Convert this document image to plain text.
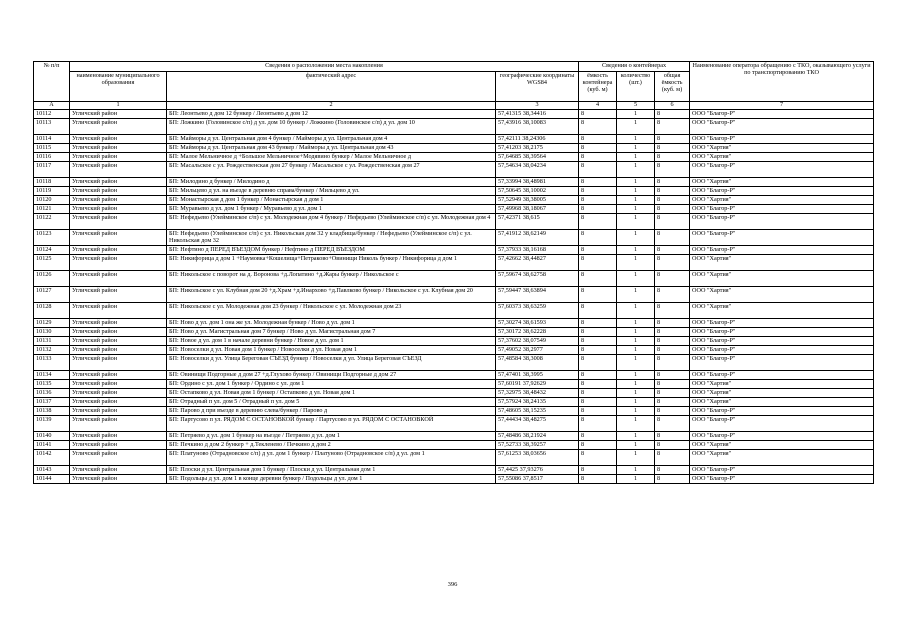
№ п/п	Сведения о расположении места накопления			Сведения о контейнерах			Наименование оператора обращению с ТКО, оказывающего услуги по транспортированию ТКО
	наименование муниципального образования	фактический адрес	географические координаты WGS84	ёмкость контейнера (куб. м)	количество (шт.)	общая ёмкость (куб. м)	
А	1	2	3	4	5	6	7
10112	Угличский район	БП: Леонтьево д дом 12 бункер / Леонтьево д дом 12	57,41315 38,34416	8	1	8	ООО "Благор-Р"
10113	Угличский район	БП: Ложкино (Головинское с/п) д ул. дом 10 бункер / Ложкино (Головинское с/п) д ул. дом 10	57,43916 38,10083	8	1	8	ООО "Благор-Р"
10114	Угличский район	БП: Майморы д ул. Центральная дом 4 бункер / Майморы д ул. Центральная дом 4	57,42111 38,24306	8	1	8	ООО "Благор-Р"
10115	Угличский район	БП: Майморы д ул. Центральная дом 43 бункер / Майморы д ул. Центральная дом 43	57,41203 38,2175	8	1	8	ООО "Хартия"
10116	Угличский район	БП: Малое Мельничное д +Большое Мельничное+Модявино бункер / Малое Мельничное д	57,64685 38,39564	8	1	8	ООО "Хартия"
10117	Угличский район	БП: Масальское с ул. Рождественская дом 27 бункер / Масальское с ул. Рождественская дом 27	57,54634 38,04234	8	1	8	ООО "Благор-Р"
10118	Угличский район	БП: Милодино д бункер / Милодино д	57,33994 38,48981	8	1	8	ООО "Хартия"
10119	Угличский район	БП: Мильцево д ул. на въезде в деревню справа/бункер / Мильцево д ул.	57,50645 38,10002	8	1	8	ООО "Благор-Р"
10120	Угличский район	БП: Монастырская д дом 1 бункер / Монастырская д дом 1	57,52949 38,38005	8	1	8	ООО "Хартия"
10121	Угличский район	БП: Муравьево д ул. дом 1 бункер / Муравьево д ул. дом 1	57,49968 38,18067	8	1	8	ООО "Благор-Р"
10122	Угличский район	БП: Нефедьево (Улейминское с/п) с ул. Молодежная дом 4 бункер / Нефедьево (Улейминское с/п) с ул. Молодежная дом 4	57,42371 38,615	8	1	8	ООО "Благор-Р"
10123	Угличский район	БП: Нефедьево (Улейминское с/п) с ул. Никольская дом 32 у кладбища/бункер / Нефедьево (Улейминское с/п) с ул. Никольская дом 32	57,41912 38,62149	8	1	8	ООО "Благор-Р"
10124	Угличский район	БП: Нефтино д ПЕРЕД ВЪЕЗДОМ бункер / Нефтино д ПЕРЕД ВЪЕЗДОМ	57,37933 38,16168	8	1	8	ООО "Благор-Р"
10125	Угличский район	БП: Никифорица д дом 1 +Наумовка+Кошелища+Петраково+Овинищи Николь бункер / Никифорица д дом 1	57,42662 38,44827	8	1	8	ООО "Хартия"
10126	Угличский район	БП: Никольское с поворот на д. Воронова +д.Лопатино +д.Жары бункер / Никольское с	57,59674 38,62758	8	1	8	ООО "Хартия"
10127	Угличский район	БП: Никольское с ул. Клубная дом 20 +д.Храм +д.Инархово +д.Павлково бункер / Никольское с ул. Клубная дом 20	57,59447 38,63894	8	1	8	ООО "Хартия"
10128	Угличский район	БП: Никольское с ул. Молодежная дом 23 бункер / Никольское с ул. Молодежная дом 23	57,60373 38,63259	8	1	8	ООО "Хартия"
10129	Угличский район	БП: Ново д ул. дом 1 она же ул. Молодежная бункер / Ново д ул. дом 1	57,30274 38,61593	8	1	8	ООО "Благор-Р"
10130	Угличский район	БП: Ново д ул. Магистральная дом 7 бункер / Ново д ул. Магистральная дом 7	57,30172 38,62228	8	1	8	ООО "Благор-Р"
10131	Угличский район	БП: Новое д ул. дом 1 в начале деревни бункер / Новое д ул. дом 1	57,37602 38,07549	8	1	8	ООО "Благор-Р"
10132	Угличский район	БП: Новоселки д ул. Новая дом 1 бункер / Новоселки д ул. Новая дом 1	57,49052 38,2977	8	1	8	ООО "Благор-Р"
10133	Угличский район	БП: Новоселки д ул. Улица Береговая СЪЕЗД бункер / Новоселки д ул. Улица Береговая СЪЕЗД	57,48584 38,3008	8	1	8	ООО "Благор-Р"
10134	Угличский район	БП: Овинищи Подгорные д дом 27 +д.Глухово бункер / Овинищи Подгорные д дом 27	57,47401 38,3995	8	1	8	ООО "Благор-Р"
10135	Угличский район	БП: Ордино с ул. дом 1 бункер / Ордино с ул. дом 1	57,60191 37,92629	8	1	8	ООО "Хартия"
10136	Угличский район	БП: Остапково д ул. Новая дом 1 бункер / Остапково д ул. Новая дом 1	57,32975 38,48432	8	1	8	ООО "Хартия"
10137	Угличский район	БП: Отрадный п ул. дом 5 / Отрадный п ул. дом 5	57,57924 38,24135	8	1	8	ООО "Хартия"
10138	Угличский район	БП: Парово д при въезде в деревню слева/бункер / Парово д	57,48605 38,15235	8	1	8	ООО "Благор-Р"
10139	Угличский район	БП: Партусово п ул. РЯДОМ С ОСТАНОВКОЙ бункер / Партусово п ул. РЯДОМ С ОСТАНОВКОЙ	57,44434 38,48275	8	1	8	ООО "Благор-Р"
10140	Угличский район	БП: Петряево д ул. дом 1 бункер на въезде / Петряево д ул. дом 1	57,48486 38,21924	8	1	8	ООО "Благор-Р"
10141	Угличский район	БП: Печкино д дом 2 бункер + д.Текленево / Печкино д дом 2	57,52733 38,39257	8	1	8	ООО "Хартия"
10142	Угличский район	БП: Платуново (Отрадновское с/п) д ул. дом 1 бункер / Платуново (Отрадновское с/п) д ул. дом 1	57,61253 38,03656	8	1	8	ООО "Хартия"
10143	Угличский район	БП: Плоски д ул. Центральная дом 1 бункер / Плоски д ул. Центральная дом 1	57,4425 37,93276	8	1	8	ООО "Благор-Р"
10144	Угличский район	БП: Подольцы д ул. дом 1 в конце деревни бункер / Подольцы д ул. дом 1	57,55086 37,8517	8	1	8	ООО "Благор-Р"
396
